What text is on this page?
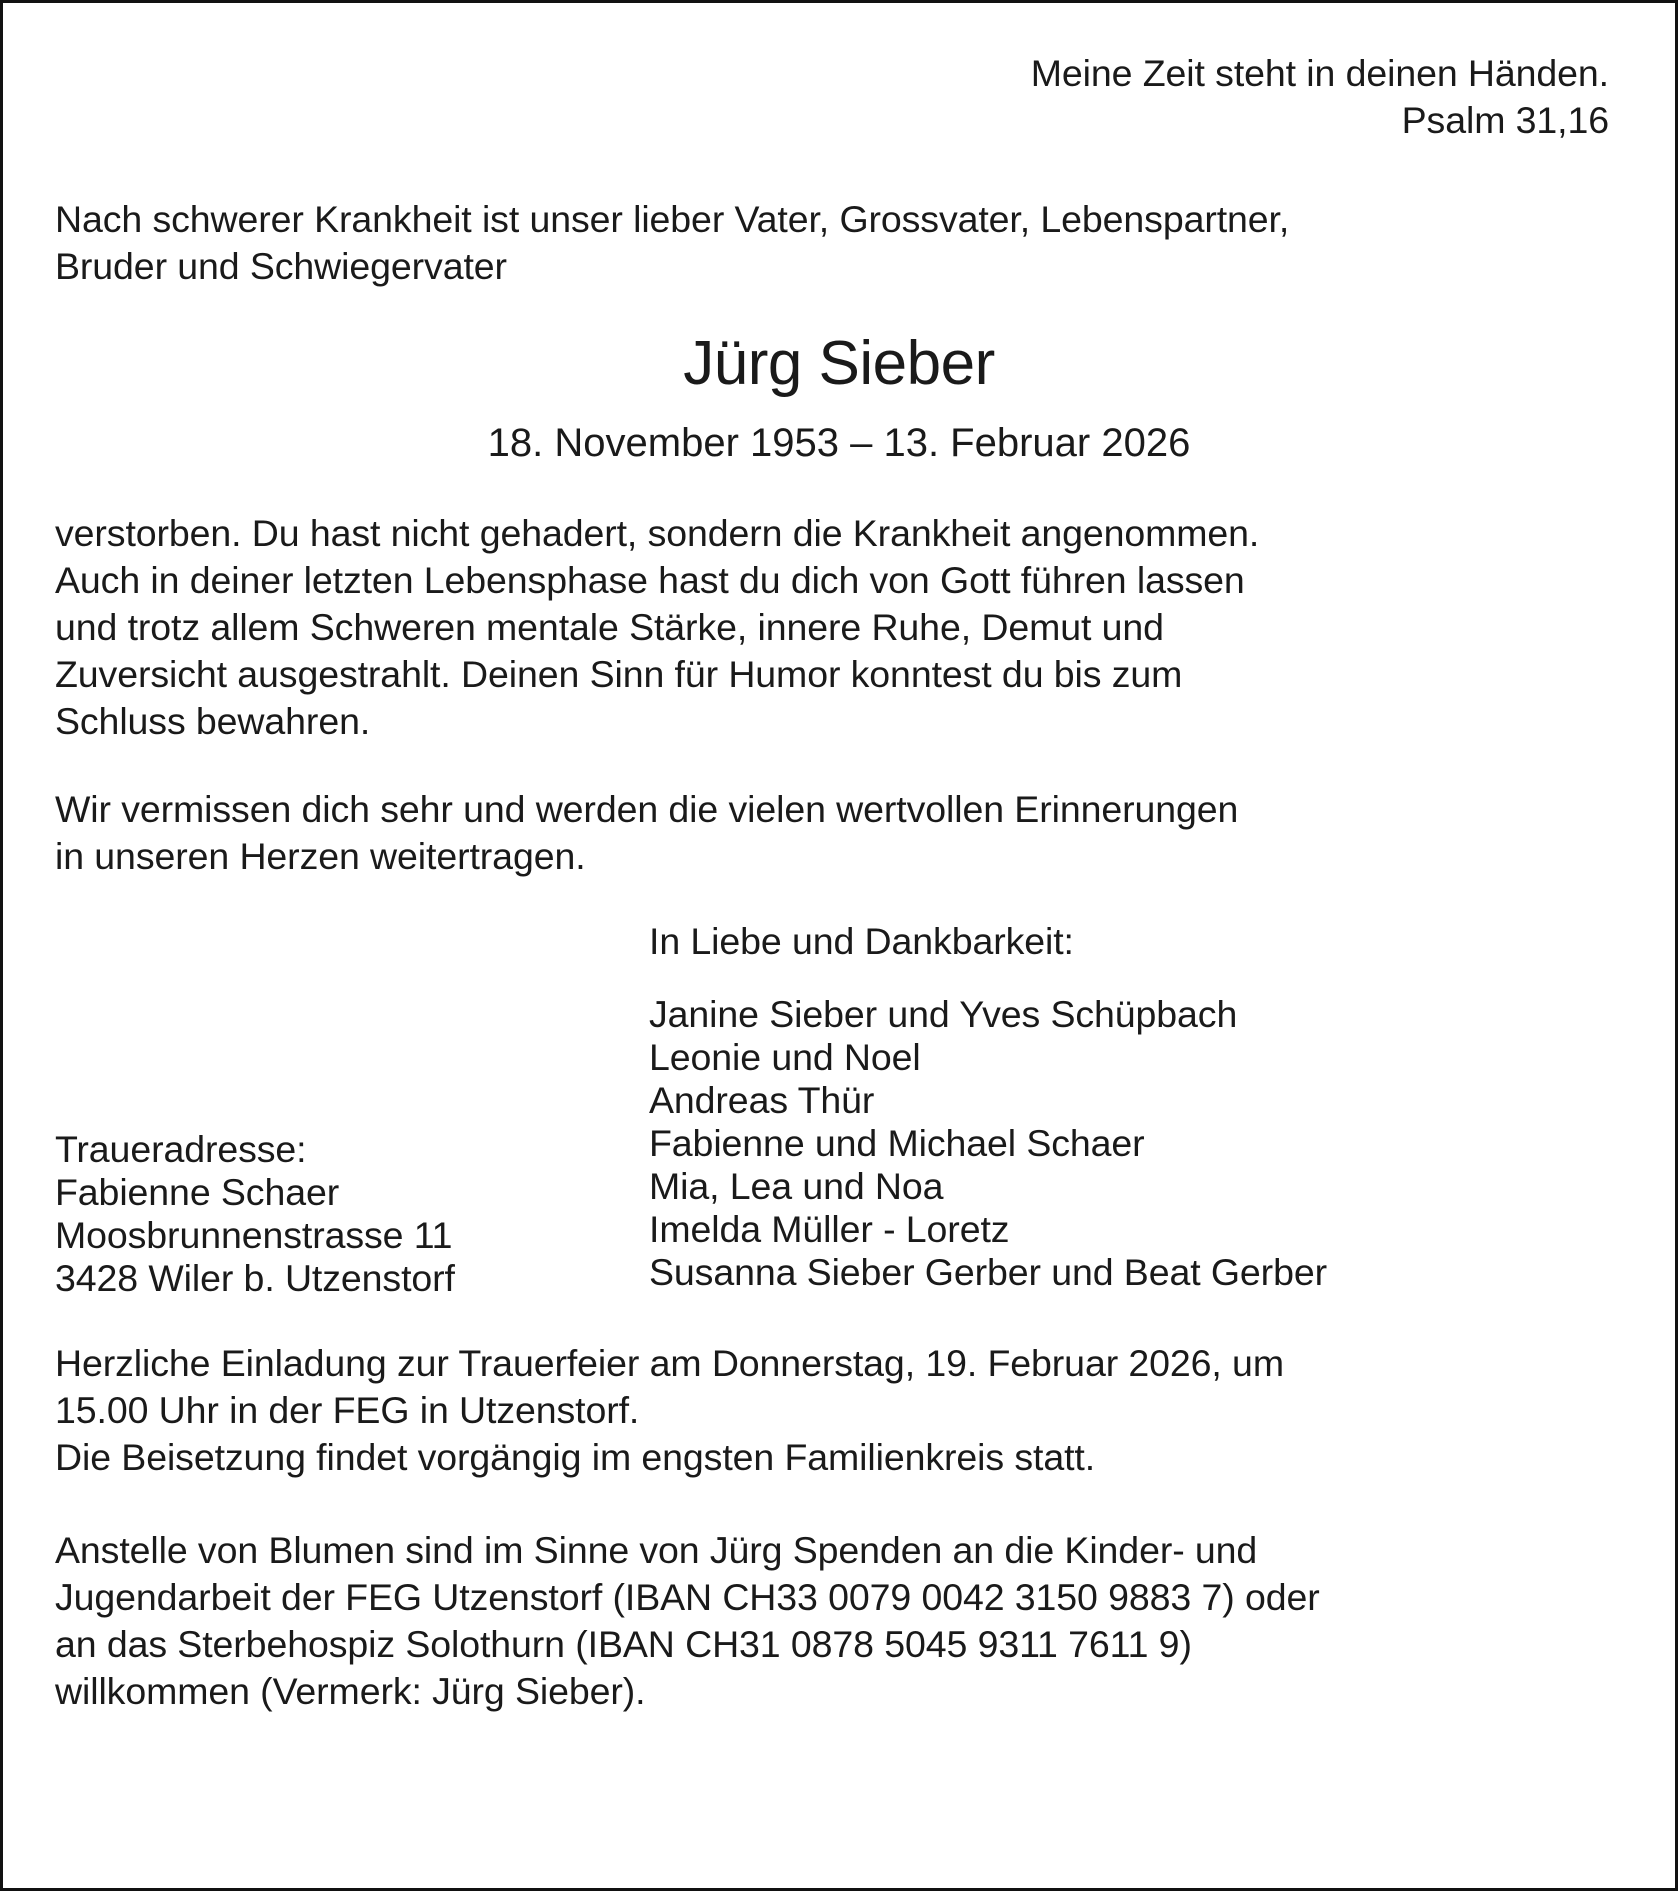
Meine Zeit steht in deinen Händen.
Psalm 31,16
Nach schwerer Krankheit ist unser lieber Vater, Grossvater, Lebenspartner,
Bruder und Schwiegervater
Jürg Sieber
18. November 1953 – 13. Februar 2026
verstorben. Du hast nicht gehadert, sondern die Krankheit angenommen.
Auch in deiner letzten Lebensphase hast du dich von Gott führen lassen
und trotz allem Schweren mentale Stärke, innere Ruhe, Demut und
Zuversicht ausgestrahlt. Deinen Sinn für Humor konntest du bis zum
Schluss bewahren.
Wir vermissen dich sehr und werden die vielen wertvollen Erinnerungen
in unseren Herzen weitertragen.
In Liebe und Dankbarkeit:
Janine Sieber und Yves Schüpbach
Leonie und Noel
Andreas Thür
Fabienne und Michael Schaer
Mia, Lea und Noa
Imelda Müller - Loretz
Susanna Sieber Gerber und Beat Gerber
Traueradresse:
Fabienne Schaer
Moosbrunnenstrasse 11
3428 Wiler b. Utzenstorf
Herzliche Einladung zur Trauerfeier am Donnerstag, 19. Februar 2026, um
15.00 Uhr in der FEG in Utzenstorf.
Die Beisetzung findet vorgängig im engsten Familienkreis statt.
Anstelle von Blumen sind im Sinne von Jürg Spenden an die Kinder- und
Jugendarbeit der FEG Utzenstorf (IBAN CH33 0079 0042 3150 9883 7) oder
an das Sterbehospiz Solothurn (IBAN CH31 0878 5045 9311 7611 9)
willkommen (Vermerk: Jürg Sieber).
